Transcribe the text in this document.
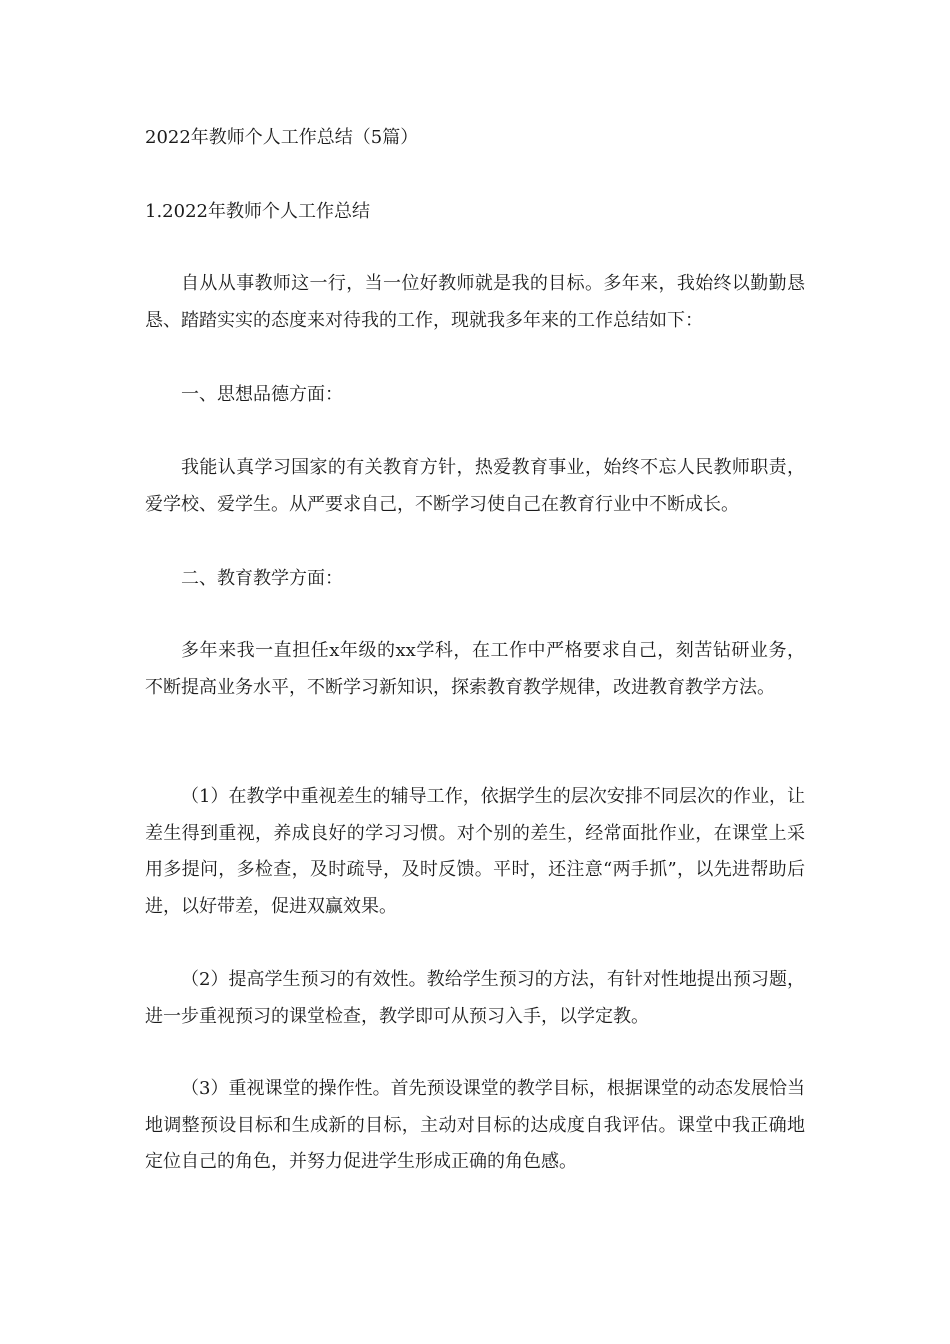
2022年教师个人工作总结（5篇）

1.2022年教师个人工作总结

自从从事教师这一行，当一位好教师就是我的目标。多年来，我始终以勤勤恳恳、踏踏实实的态度来对待我的工作，现就我多年来的工作总结如下：

一、思想品德方面：

我能认真学习国家的有关教育方针，热爱教育事业，始终不忘人民教师职责，爱学校、爱学生。从严要求自己，不断学习使自己在教育行业中不断成长。

二、教育教学方面：

多年来我一直担任x年级的xx学科，在工作中严格要求自己，刻苦钻研业务，不断提高业务水平，不断学习新知识，探索教育教学规律，改进教育教学方法。

（1）在教学中重视差生的辅导工作，依据学生的层次安排不同层次的作业，让差生得到重视，养成良好的学习习惯。对个别的差生，经常面批作业，在课堂上采用多提问，多检查，及时疏导，及时反馈。平时，还注意“两手抓”，以先进帮助后进，以好带差，促进双赢效果。

（2）提高学生预习的有效性。教给学生预习的方法，有针对性地提出预习题，进一步重视预习的课堂检查，教学即可从预习入手，以学定教。

（3）重视课堂的操作性。首先预设课堂的教学目标，根据课堂的动态发展恰当地调整预设目标和生成新的目标，主动对目标的达成度自我评估。课堂中我正确地定位自己的角色，并努力促进学生形成正确的角色感。
